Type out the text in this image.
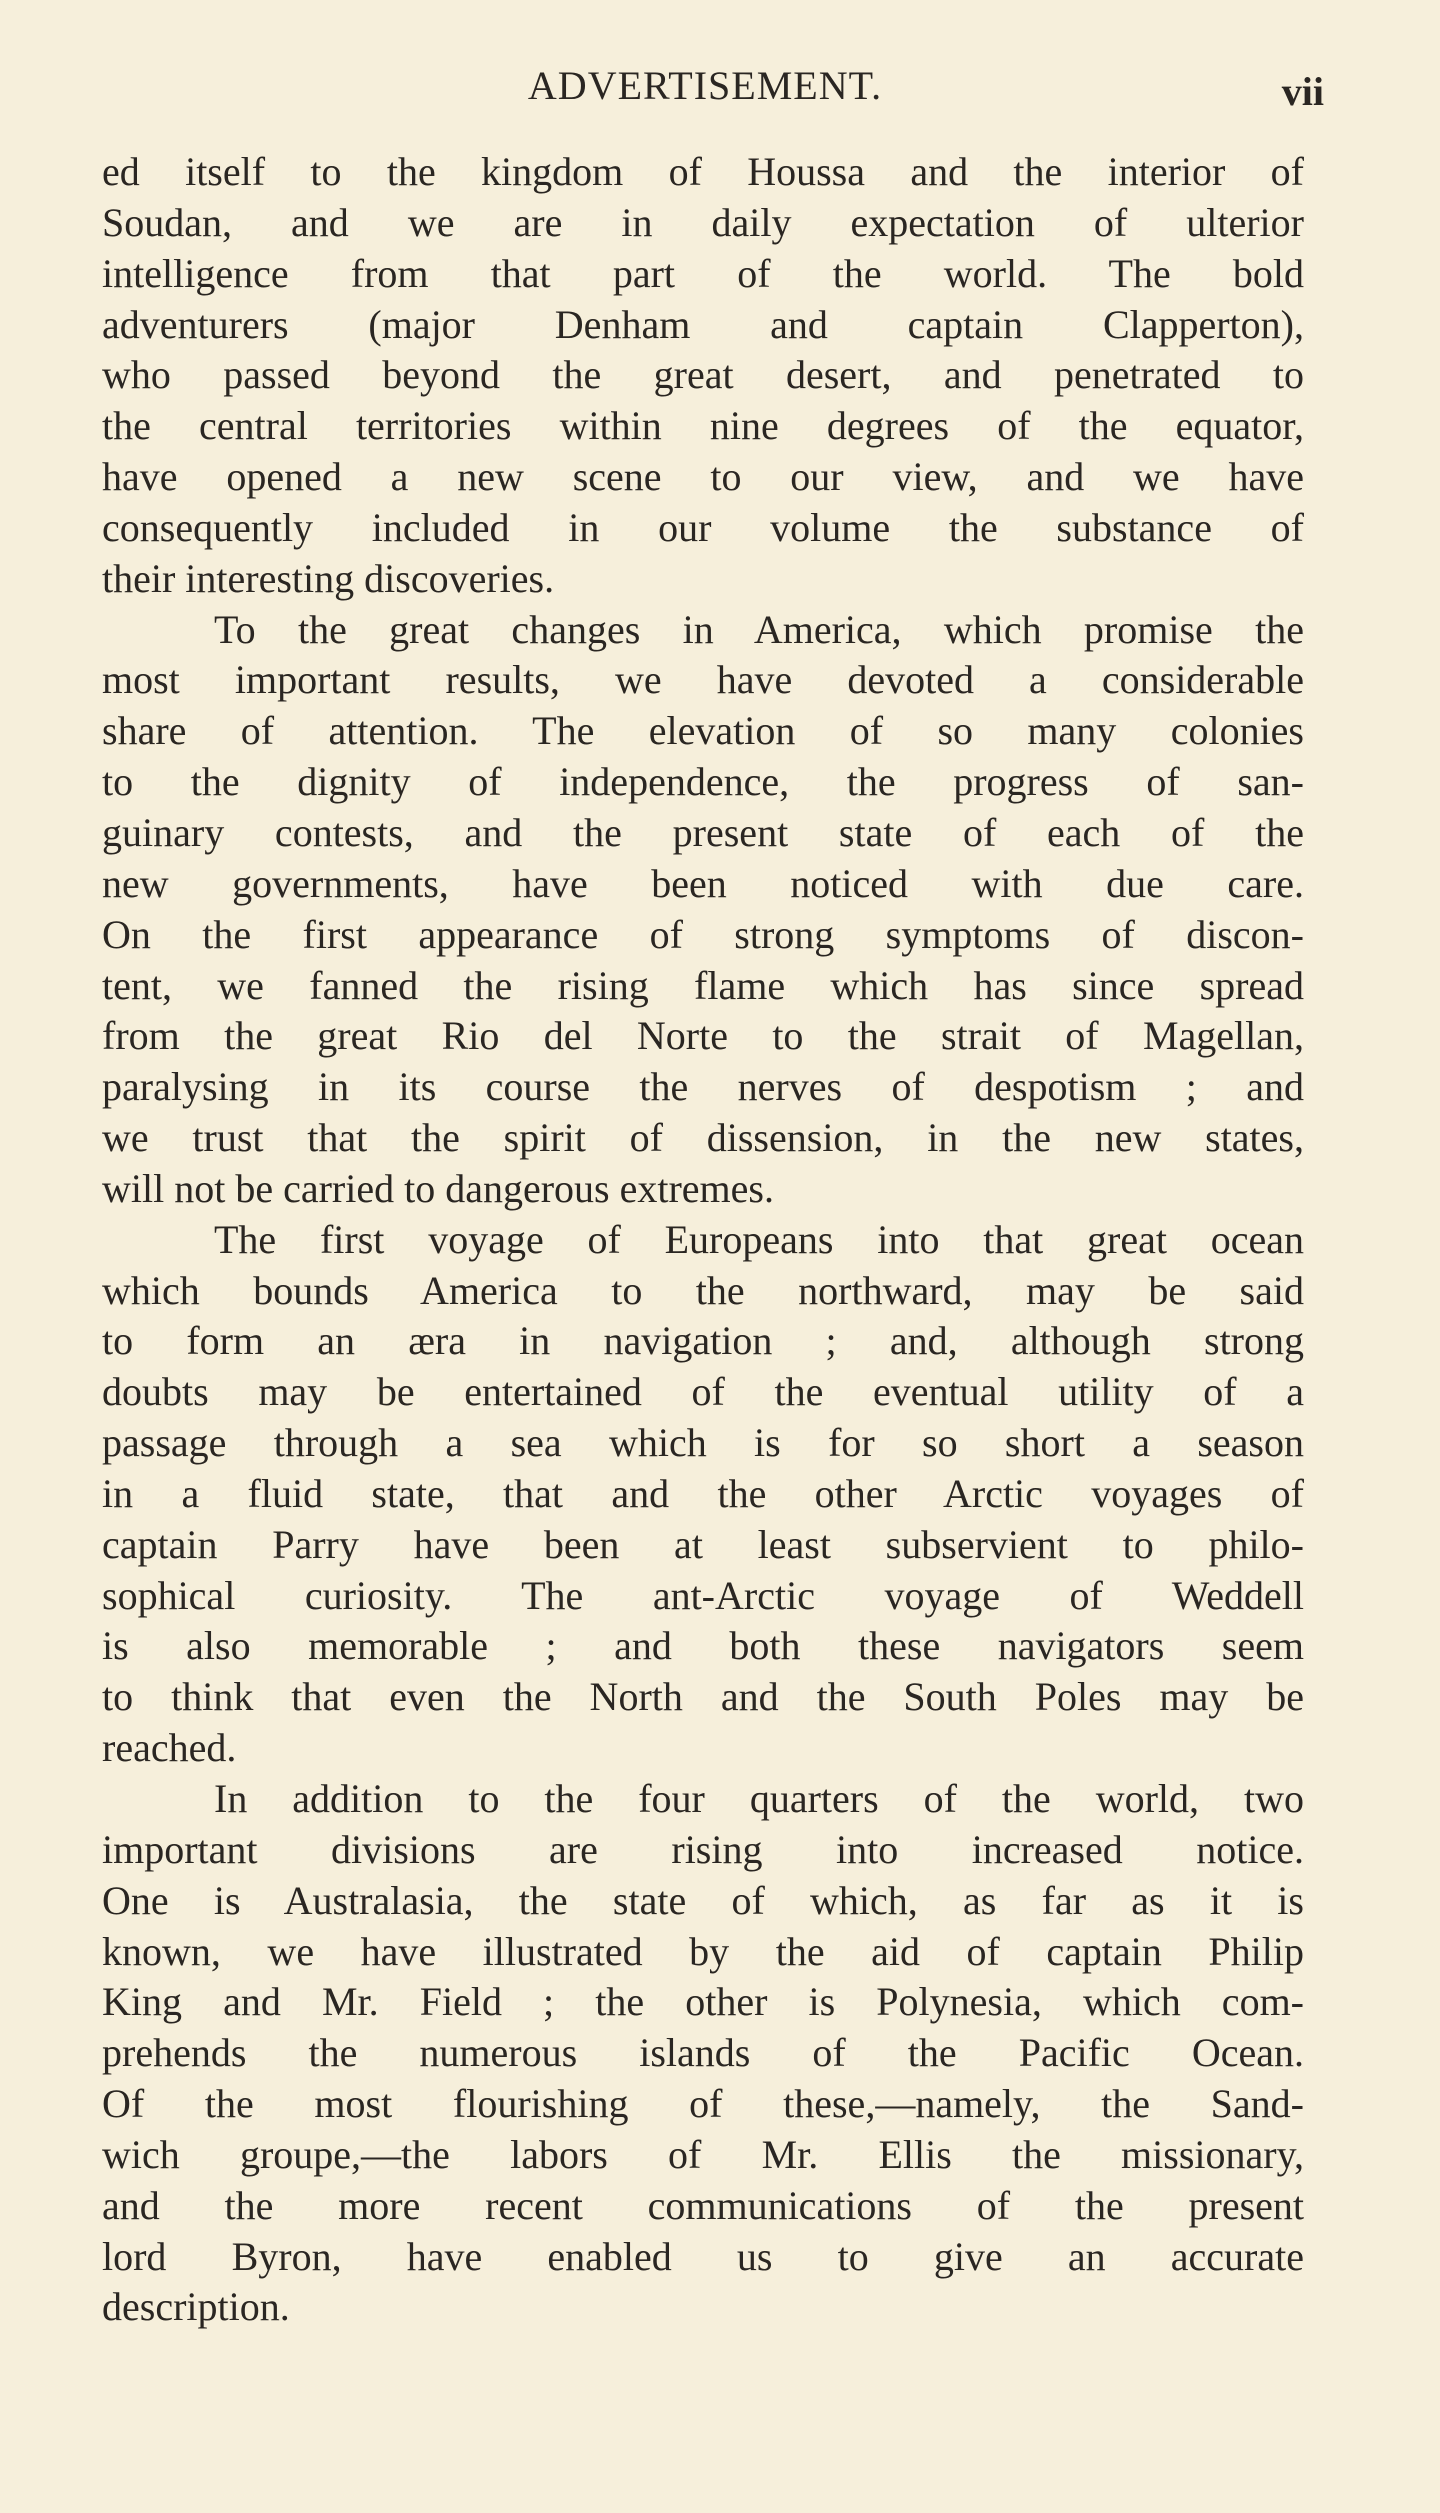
ADVERTISEMENT.	vii
ed itself to the kingdom of Houssa and the interior of
Soudan, and we are in daily expectation of ulterior
intelligence from that part of the world. The bold
adventurers (major Denham and captain Clapperton),
who passed beyond the great desert, and penetrated to
the central territories within nine degrees of the equator,
have opened a new scene to our view, and we have
consequently included in our volume the substance of
their interesting discoveries.
To the great changes in America, which promise the
most important results, we have devoted a considerable
share of attention. The elevation of so many colonies
to the dignity of independence, the progress of san-
guinary contests, and the present state of each of the
new governments, have been noticed with due care.
On the first appearance of strong symptoms of discon-
tent, we fanned the rising flame which has since spread
from the great Rio del Norte to the strait of Magellan,
paralysing in its course the nerves of despotism ; and
we trust that the spirit of dissension, in the new states,
will not be carried to dangerous extremes.
The first voyage of Europeans into that great ocean
which bounds America to the northward, may be said
to form an æra in navigation ; and, although strong
doubts may be entertained of the eventual utility of a
passage through a sea which is for so short a season
in a fluid state, that and the other Arctic voyages of
captain Parry have been at least subservient to philo-
sophical curiosity. The ant-Arctic voyage of Weddell
is also memorable ; and both these navigators seem
to think that even the North and the South Poles may be
reached.
In addition to the four quarters of the world, two
important divisions are rising into increased notice.
One is Australasia, the state of which, as far as it is
known, we have illustrated by the aid of captain Philip
King and Mr. Field ; the other is Polynesia, which com-
prehends the numerous islands of the Pacific Ocean.
Of the most flourishing of these,—namely, the Sand-
wich groupe,—the labors of Mr. Ellis the missionary,
and the more recent communications of the present
lord Byron, have enabled us to give an accurate
description.
